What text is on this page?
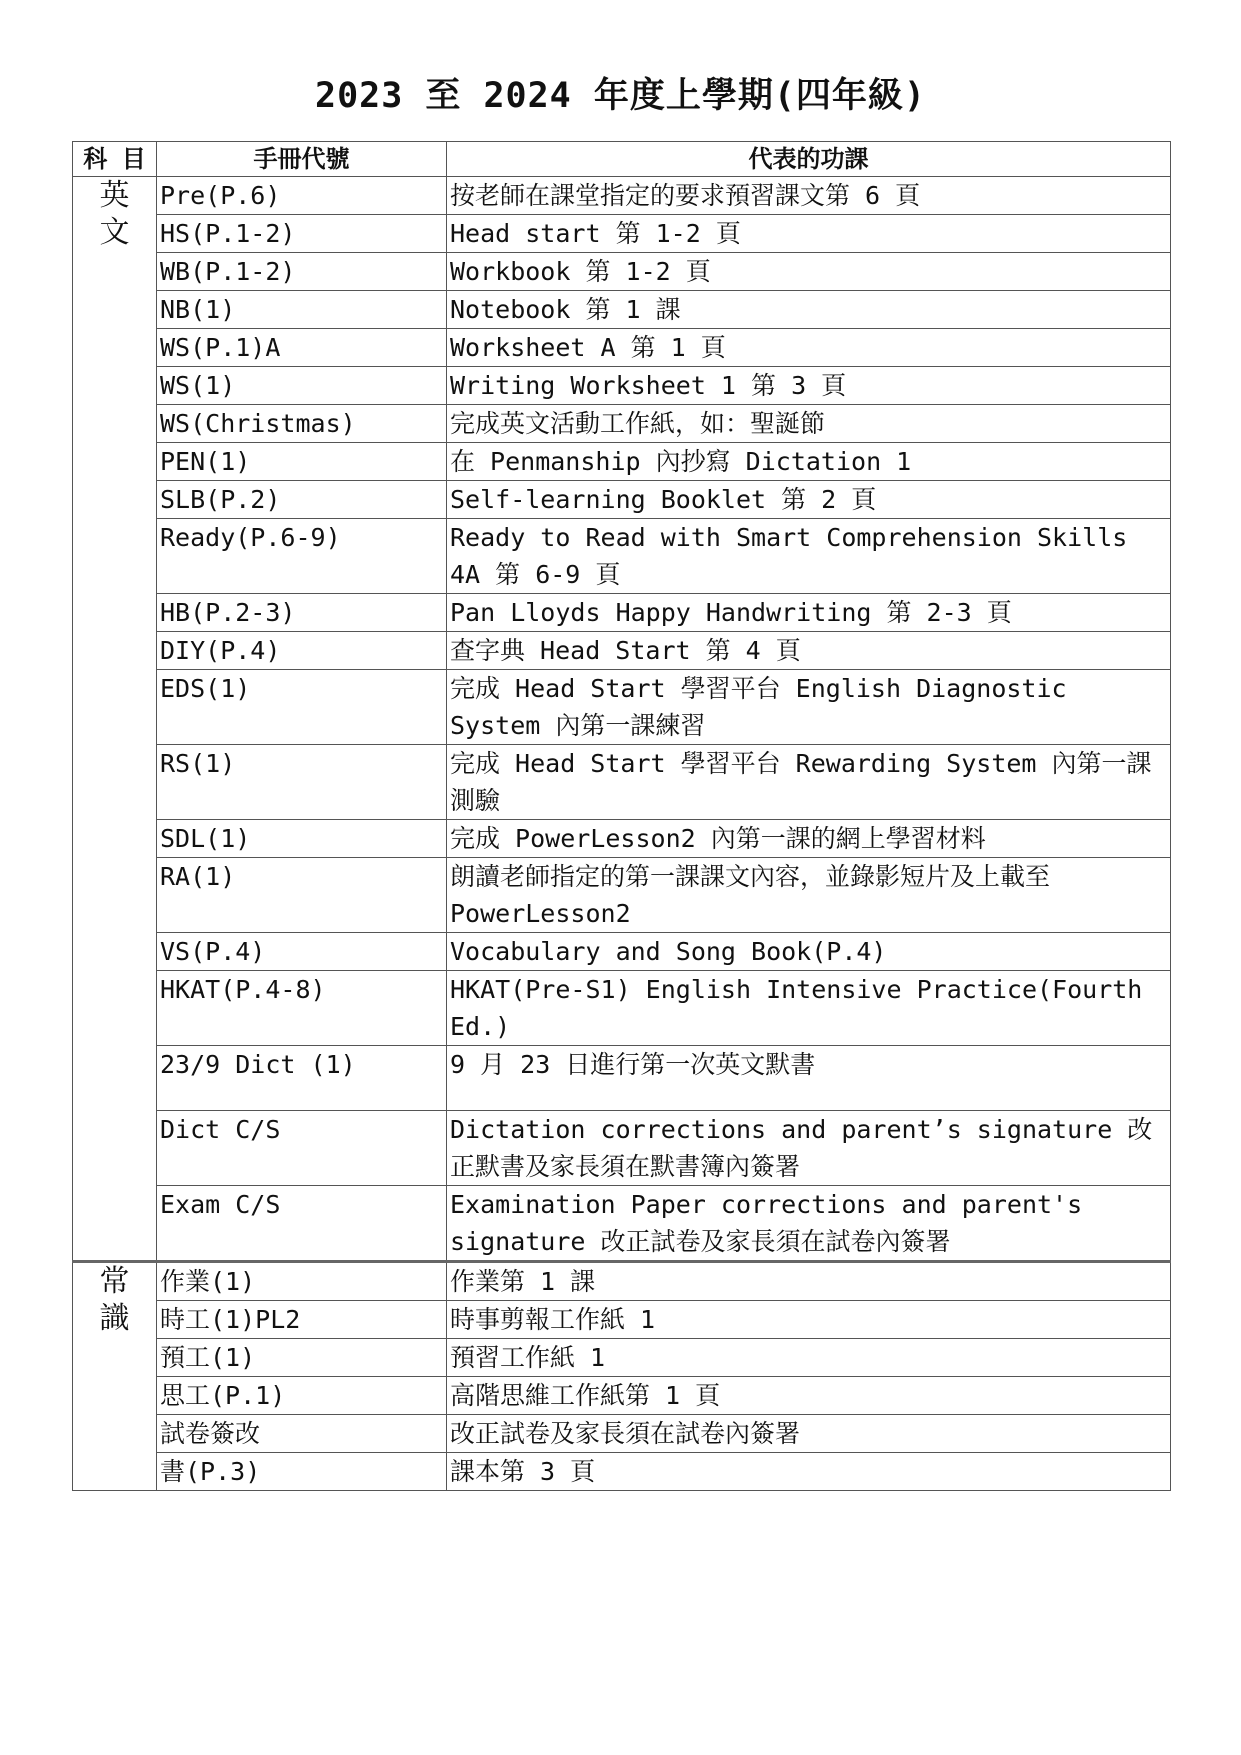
2023 至 2024 年度上學期(四年級)
科 目	手冊代號	代表的功課

英
文	Pre(P.6)	按老師在課堂指定的要求預習課文第 6 頁
	HS(P.1-2)	Head start 第 1-2 頁
	WB(P.1-2)	Workbook 第 1-2 頁
	NB(1)	Notebook 第 1 課
	WS(P.1)A	Worksheet A 第 1 頁
	WS(1)	Writing Worksheet 1 第 3 頁
	WS(Christmas)	完成英文活動工作紙，如：聖誕節
	PEN(1)	在 Penmanship 內抄寫 Dictation 1
	SLB(P.2)	Self-learning Booklet 第 2 頁
	Ready(P.6-9)	Ready to Read with Smart Comprehension Skills 4A 第 6-9 頁
	HB(P.2-3)	Pan Lloyds Happy Handwriting 第 2-3 頁
	DIY(P.4)	查字典 Head Start 第 4 頁
	EDS(1)	完成 Head Start 學習平台 English Diagnostic System 內第一課練習
	RS(1)	完成 Head Start 學習平台 Rewarding System 內第一課測驗
	SDL(1)	完成 PowerLesson2 內第一課的網上學習材料
	RA(1)	朗讀老師指定的第一課課文內容，並錄影短片及上載至 PowerLesson2
	VS(P.4)	Vocabulary and Song Book(P.4)
	HKAT(P.4-8)	HKAT(Pre-S1) English Intensive Practice(Fourth Ed.)
	23/9 Dict (1)	9 月 23 日進行第一次英文默書
	Dict C/S	Dictation corrections and parent’s signature 改正默書及家長須在默書簿內簽署
	Exam C/S	Examination Paper corrections and parent's signature 改正試卷及家長須在試卷內簽署

常
識	作業(1)	作業第 1 課
	時工(1)PL2	時事剪報工作紙 1
	預工(1)	預習工作紙 1
	思工(P.1)	高階思維工作紙第 1 頁
	試卷簽改	改正試卷及家長須在試卷內簽署
	書(P.3)	課本第 3 頁
